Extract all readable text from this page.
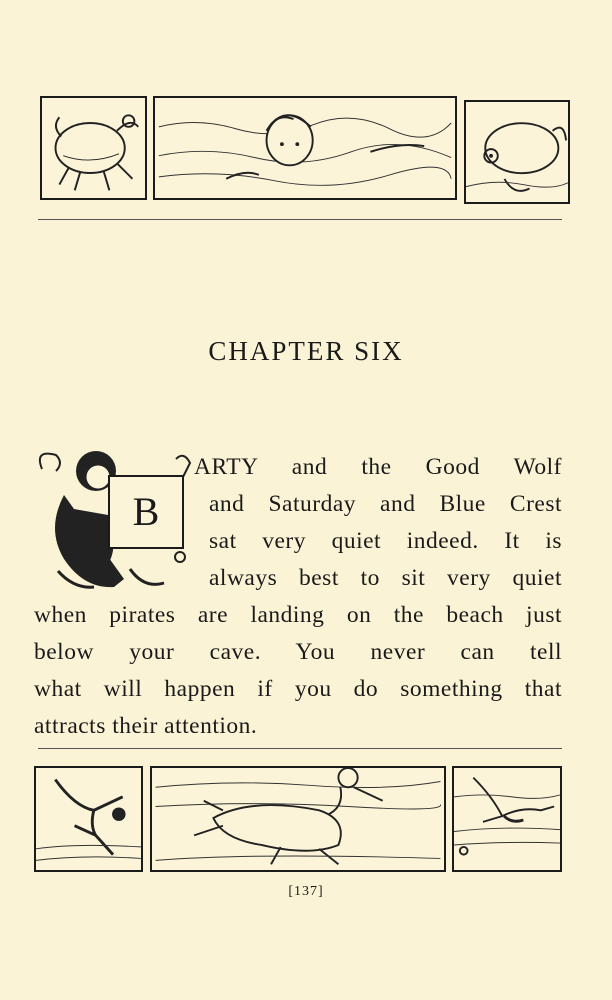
CHAPTER SIX
B
ARTY and the Good Wolf
and Saturday and Blue Crest
sat very quiet indeed. It is
always best to sit very quiet
when pirates are landing on the beach just
below your cave. You never can tell
what will happen if you do something that
attracts their attention.
[137]
